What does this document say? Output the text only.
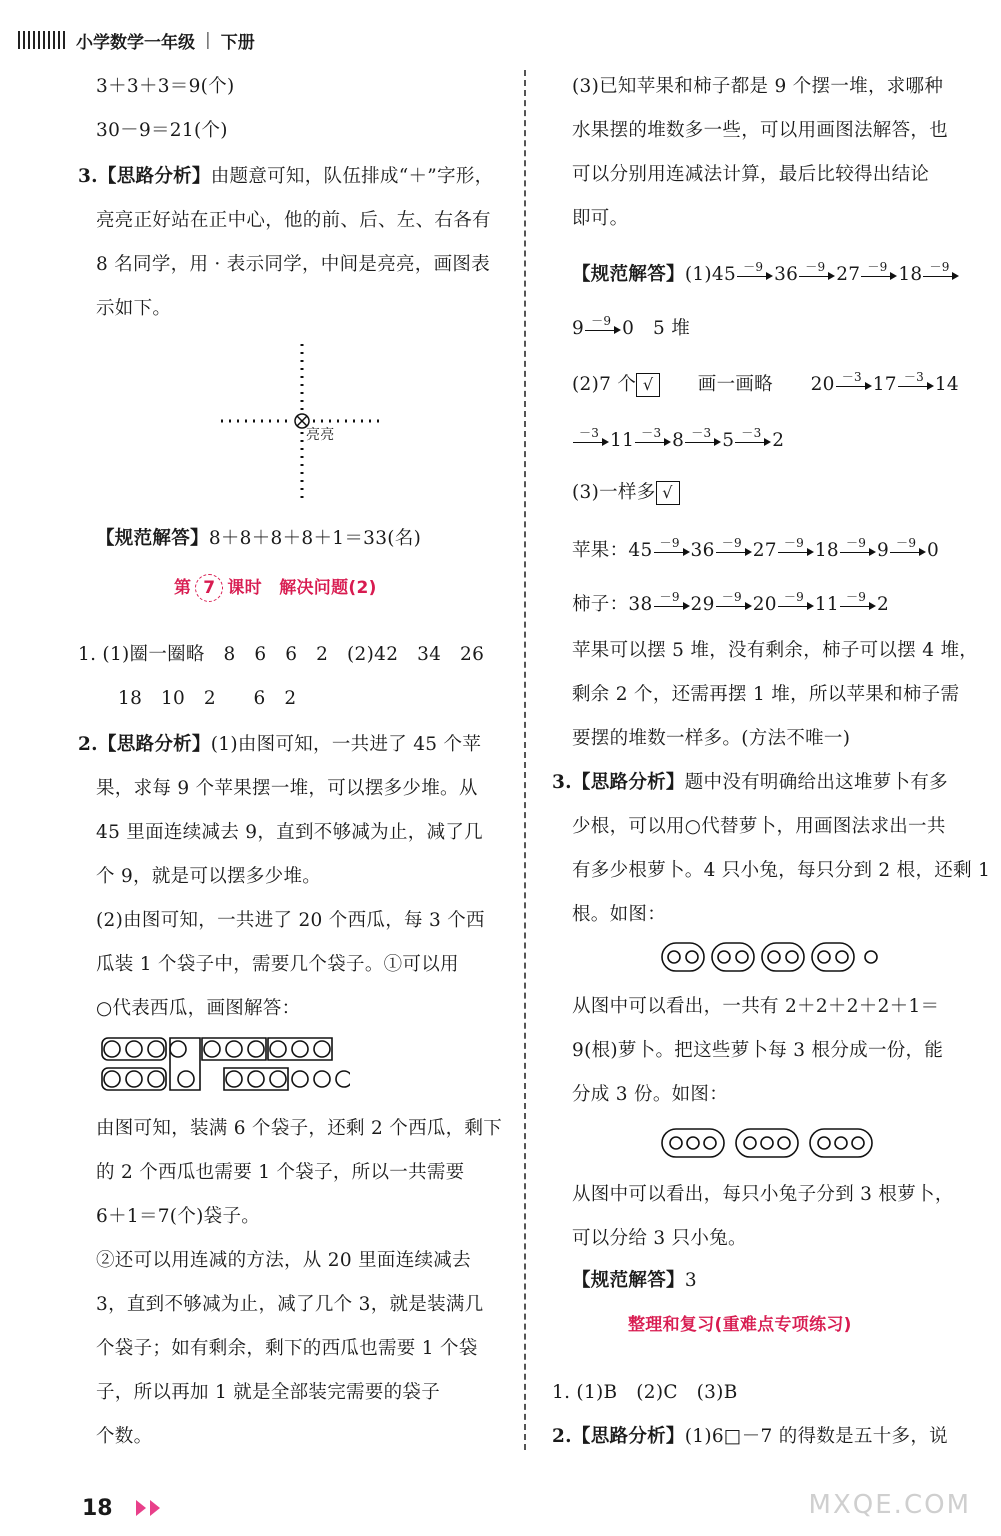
小学数学一年级 | 下册
3＋3＋3＝9(个)
30－9＝21(个)
3.【思路分析】由题意可知，队伍排成“＋”字形，
亮亮正好站在正中心，他的前、后、左、右各有
8 名同学，用 · 表示同学，中间是亮亮，画图表
示如下。
亮亮
【规范解答】8＋8＋8＋8＋1＝33(名)
第 7 课时　解决问题(2)
1. (1)圈一圈略　8　6　6　2　(2)42　34　26
18　10　2　　6　2
2.【思路分析】(1)由图可知，一共进了 45 个苹
果，求每 9 个苹果摆一堆，可以摆多少堆。从
45 里面连续减去 9，直到不够减为止，减了几
个 9，就是可以摆多少堆。
(2)由图可知，一共进了 20 个西瓜，每 3 个西
瓜装 1 个袋子中，需要几个袋子。①可以用
○代表西瓜，画图解答：
由图可知，装满 6 个袋子，还剩 2 个西瓜，剩下
的 2 个西瓜也需要 1 个袋子，所以一共需要
6＋1＝7(个)袋子。
②还可以用连减的方法，从 20 里面连续减去
3，直到不够减为止，减了几个 3，就是装满几
个袋子；如有剩余，剩下的西瓜也需要 1 个袋
子，所以再加 1 就是全部装完需要的袋子
个数。
(3)已知苹果和柿子都是 9 个摆一堆，求哪种
水果摆的堆数多一些，可以用画图法解答，也
可以分别用连减法计算，最后比较得出结论
即可。
【规范解答】(1)45 －9 36 －9 27 －9 18 －9
9 －9 0　 5 堆
(2)7 个 √　　 画一画略　　 20 －3 17 －3 14
－3 11 －3 8 －3 5 －3 2
(3)一样多 √
苹果：45 －9 36 －9 27 －9 18 －9 9 －9 0
柿子：38 －9 29 －9 20 －9 11 －9 2
苹果可以摆 5 堆，没有剩余，柿子可以摆 4 堆，
剩余 2 个，还需再摆 1 堆，所以苹果和柿子需
要摆的堆数一样多。(方法不唯一)
3.【思路分析】题中没有明确给出这堆萝卜有多
少根，可以用○代替萝卜，用画图法求出一共
有多少根萝卜。4 只小兔，每只分到 2 根，还剩 1
根。如图：
从图中可以看出，一共有 2＋2＋2＋2＋1＝
9(根)萝卜。把这些萝卜每 3 根分成一份，能
分成 3 份。如图：
从图中可以看出，每只小兔子分到 3 根萝卜，
可以分给 3 只小兔。
【规范解答】3
整理和复习(重难点专项练习)
1. (1)B　(2)C　(3)B
2.【思路分析】(1)6□－7 的得数是五十多，说
18	MXQE.COM
